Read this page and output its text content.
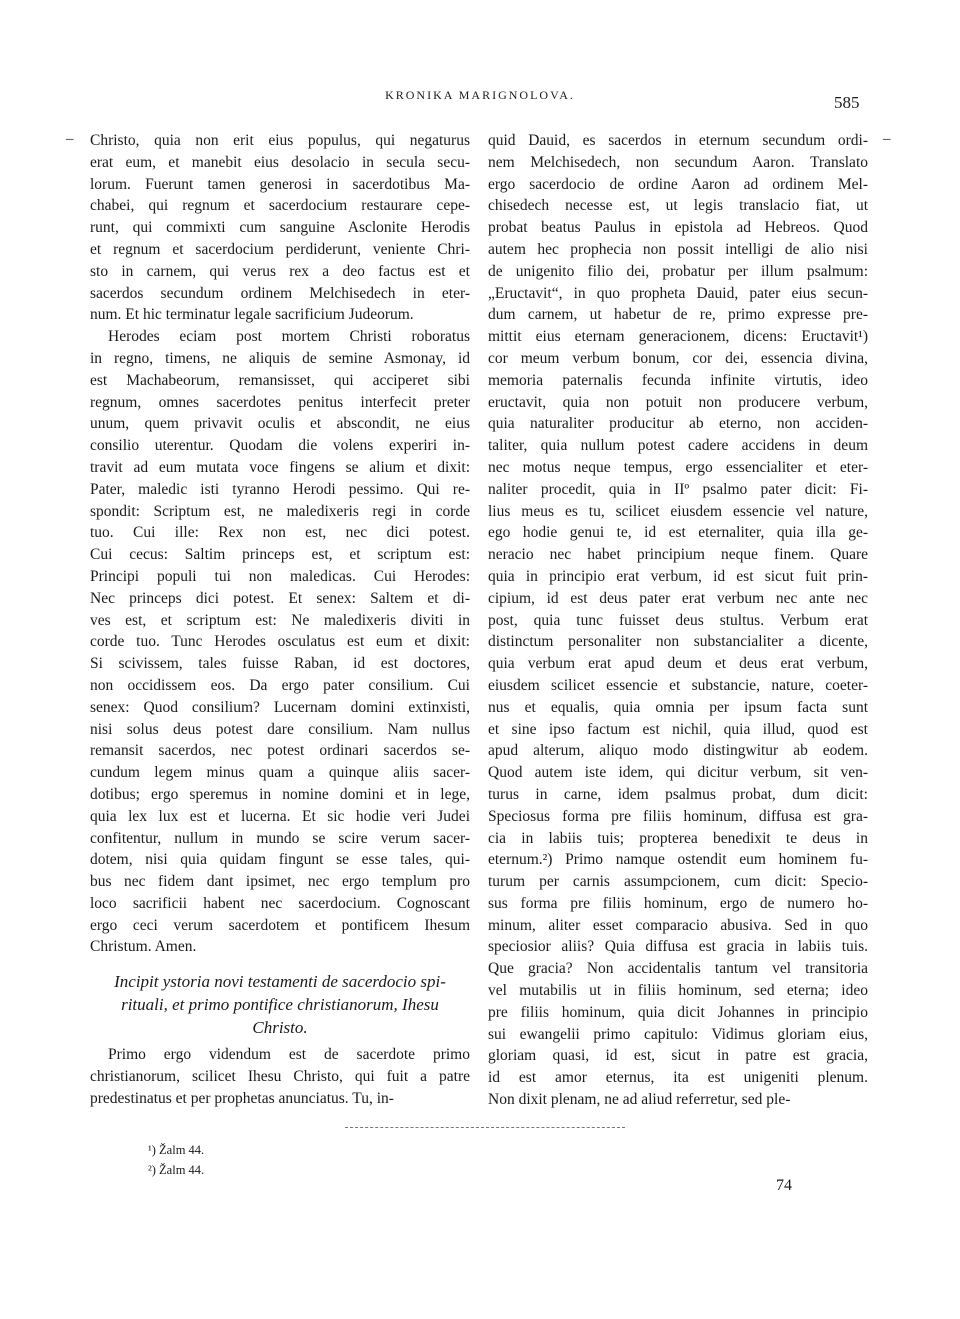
KRONIKA MARIGNOLOVA.	585
–	–
Christo, quia non erit eius populus, qui negaturus
erat eum, et manebit eius desolacio in secula secu-
lorum. Fuerunt tamen generosi in sacerdotibus Ma-
chabei, qui regnum et sacerdocium restaurare cepe-
runt, qui commixti cum sanguine Asclonite Herodis
et regnum et sacerdocium perdiderunt, veniente Chri-
sto in carnem, qui verus rex a deo factus est et
sacerdos secundum ordinem Melchisedech in eter-
num. Et hic terminatur legale sacrificium Judeorum.
Herodes eciam post mortem Christi roboratus
in regno, timens, ne aliquis de semine Asmonay, id
est Machabeorum, remansisset, qui acciperet sibi
regnum, omnes sacerdotes penitus interfecit preter
unum, quem privavit oculis et abscondit, ne eius
consilio uterentur. Quodam die volens experiri in-
travit ad eum mutata voce fingens se alium et dixit:
Pater, maledic isti tyranno Herodi pessimo. Qui re-
spondit: Scriptum est, ne maledixeris regi in corde
tuo. Cui ille: Rex non est, nec dici potest.
Cui cecus: Saltim princeps est, et scriptum est:
Principi populi tui non maledicas. Cui Herodes:
Nec princeps dici potest. Et senex: Saltem et di-
ves est, et scriptum est: Ne maledixeris diviti in
corde tuo. Tunc Herodes osculatus est eum et dixit:
Si scivissem, tales fuisse Raban, id est doctores,
non occidissem eos. Da ergo pater consilium. Cui
senex: Quod consilium? Lucernam domini extinxisti,
nisi solus deus potest dare consilium. Nam nullus
remansit sacerdos, nec potest ordinari sacerdos se-
cundum legem minus quam a quinque aliis sacer-
dotibus; ergo speremus in nomine domini et in lege,
quia lex lux est et lucerna. Et sic hodie veri Judei
confitentur, nullum in mundo se scire verum sacer-
dotem, nisi quia quidam fingunt se esse tales, qui-
bus nec fidem dant ipsimet, nec ergo templum pro
loco sacrificii habent nec sacerdocium. Cognoscant
ergo ceci verum sacerdotem et pontificem Ihesum
Christum. Amen.
Incipit ystoria novi testamenti de sacerdocio spi-
rituali, et primo pontifice christianorum, Ihesu
Christo.
Primo ergo videndum est de sacerdote primo
christianorum, scilicet Ihesu Christo, qui fuit a patre
predestinatus et per prophetas anunciatus. Tu, in-
quid Dauid, es sacerdos in eternum secundum ordi-
nem Melchisedech, non secundum Aaron. Translato
ergo sacerdocio de ordine Aaron ad ordinem Mel-
chisedech necesse est, ut legis translacio fiat, ut
probat beatus Paulus in epistola ad Hebreos. Quod
autem hec prophecia non possit intelligi de alio nisi
de unigenito filio dei, probatur per illum psalmum:
„Eructavit“, in quo propheta Dauid, pater eius secun-
dum carnem, ut habetur de re, primo expresse pre-
mittit eius eternam generacionem, dicens: Eructavit¹)
cor meum verbum bonum, cor dei, essencia divina,
memoria paternalis fecunda infinite virtutis, ideo
eructavit, quia non potuit non producere verbum,
quia naturaliter producitur ab eterno, non acciden-
taliter, quia nullum potest cadere accidens in deum
nec motus neque tempus, ergo essencialiter et eter-
naliter procedit, quia in IIº psalmo pater dicit: Fi-
lius meus es tu, scilicet eiusdem essencie vel nature,
ego hodie genui te, id est eternaliter, quia illa ge-
neracio nec habet principium neque finem. Quare
quia in principio erat verbum, id est sicut fuit prin-
cipium, id est deus pater erat verbum nec ante nec
post, quia tunc fuisset deus stultus. Verbum erat
distinctum personaliter non substancialiter a dicente,
quia verbum erat apud deum et deus erat verbum,
eiusdem scilicet essencie et substancie, nature, coeter-
nus et equalis, quia omnia per ipsum facta sunt
et sine ipso factum est nichil, quia illud, quod est
apud alterum, aliquo modo distingwitur ab eodem.
Quod autem iste idem, qui dicitur verbum, sit ven-
turus in carne, idem psalmus probat, dum dicit:
Speciosus forma pre filiis hominum, diffusa est gra-
cia in labiis tuis; propterea benedixit te deus in
eternum.²) Primo namque ostendit eum hominem fu-
turum per carnis assumpcionem, cum dicit: Specio-
sus forma pre filiis hominum, ergo de numero ho-
minum, aliter esset comparacio abusiva. Sed in quo
speciosior aliis? Quia diffusa est gracia in labiis tuis.
Que gracia? Non accidentalis tantum vel transitoria
vel mutabilis ut in filiis hominum, sed eterna; ideo
pre filiis hominum, quia dicit Johannes in principio
sui ewangelii primo capitulo: Vidimus gloriam eius,
gloriam quasi, id est, sicut in patre est gracia,
id est amor eternus, ita est unigeniti plenum.
Non dixit plenam, ne ad aliud referretur, sed ple-
¹) Žalm 44.
²) Žalm 44.
74
